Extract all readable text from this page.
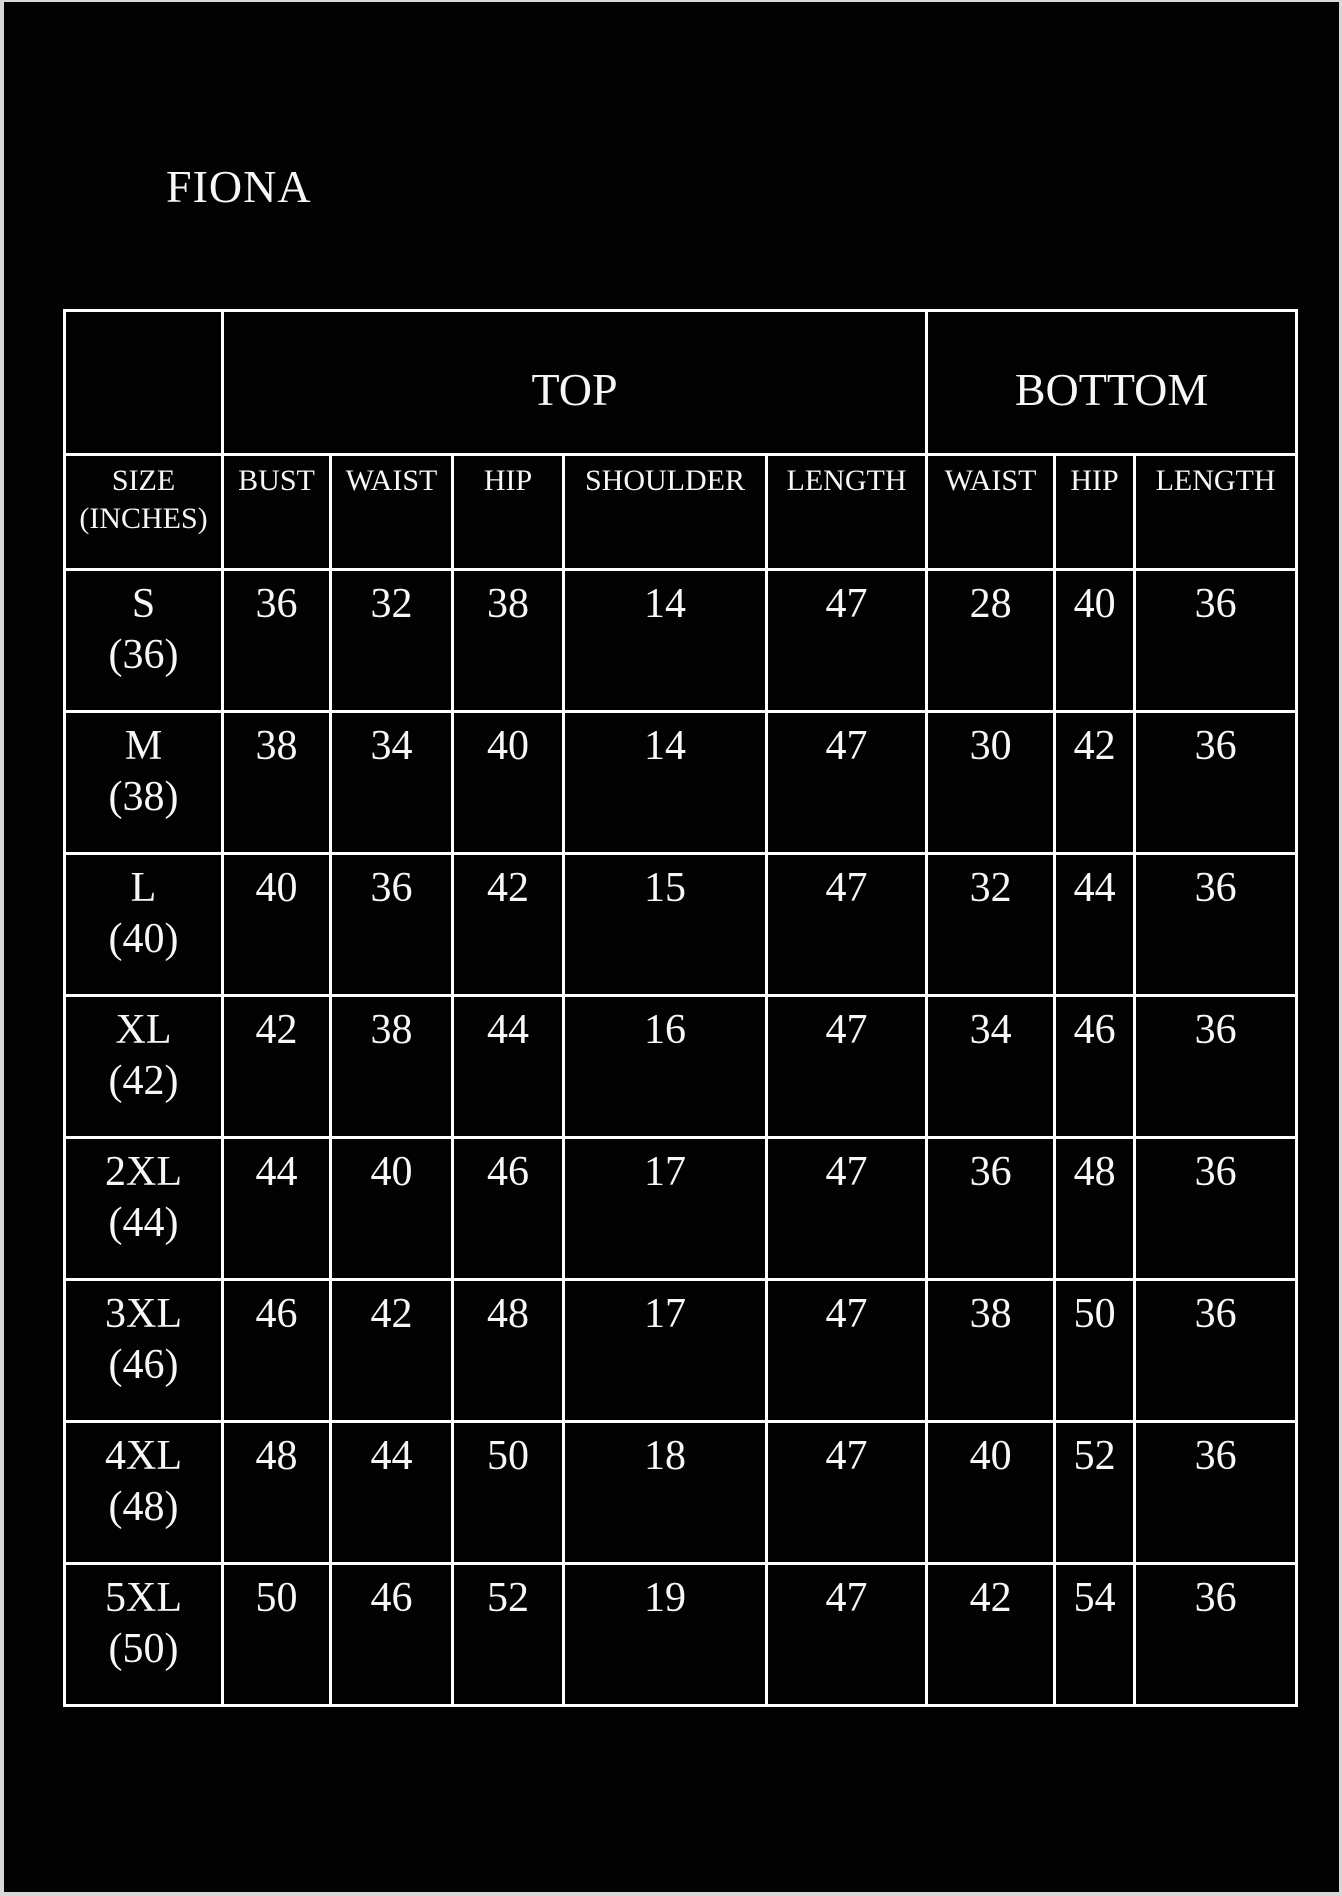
FIONA
	TOP					BOTTOM		
SIZE
(INCHES)	BUST	WAIST	HIP	SHOULDER	LENGTH	WAIST	HIP	LENGTH

S
(36)	36	32	38	14	47	28	40	36

M
(38)	38	34	40	14	47	30	42	36

L
(40)	40	36	42	15	47	32	44	36

XL
(42)	42	38	44	16	47	34	46	36

2XL
(44)	44	40	46	17	47	36	48	36

3XL
(46)	46	42	48	17	47	38	50	36

4XL
(48)	48	44	50	18	47	40	52	36

5XL
(50)	50	46	52	19	47	42	54	36
